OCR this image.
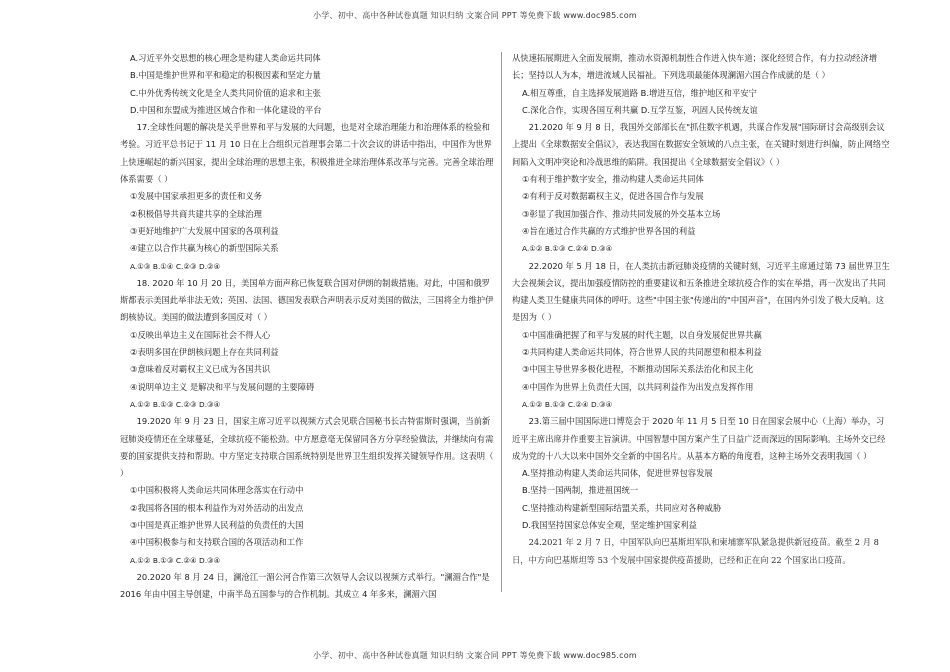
小学、初中、高中各种试卷真题 知识归纳 文案合同 PPT 等免费下载 www.doc985.com

A.习近平外交思想的核心理念是构建人类命运共同体

B.中国是维护世界和平和稳定的积极因素和坚定力量

C.中外优秀传统文化是全人类共同价值的追求和主张

D.中国和东盟成为推进区域合作和一体化建设的平台

17.全球性问题的解决是关乎世界和平与发展的大问题，也是对全球治理能力和治理体系的检验和考验。习近平总书记于 11 月 10 日在上合组织元首理事会第二十次会议的讲话中指出，中国作为世界上快速崛起的新兴国家，提出全球治理的思想主张，积极推进全球治理体系改革与完善。完善全球治理体系需要（ ）

①发展中国家承担更多的责任和义务

②积极倡导共商共建共享的全球治理

③更好地维护广大发展中国家的各项利益

④建立以合作共赢为核心的新型国际关系

A.①③ B.①④ C.②③ D.②④

18. 2020 年 10 月 20 日，美国单方面声称已恢复联合国对伊朗的制裁措施。对此，中国和俄罗斯都表示美国此举非法无效；英国、法国、德国发表联合声明表示反对美国的做法，三国将全力维护伊朗核协议。美国的做法遭到多国反对（ ）

①反映出单边主义在国际社会不得人心

②表明多国在伊朗核问题上存在共同利益

③意味着反对霸权主义已成为各国共识

④说明单边主义 是解决和平与发展问题的主要障碍

A.①② B.①③ C.②③ D.③④

19.2020 年 9 月 23 日，国家主席习近平以视频方式会见联合国秘书长古特雷斯时强调，当前新冠肺炎疫情还在全球蔓延，全球抗疫不能松劲。中方愿意毫无保留同各方分享经验做法，并继续向有需要的国家提供支持和帮助。中方坚定支持联合国系统特别是世界卫生组织发挥关键领导作用。这表明（ ）

①中国积极将人类命运共同体理念落实在行动中

②我国将各国的根本利益作为对外活动的出发点

③中国是真正维护世界人民利益的负责任的大国

④中国积极参与和支持联合国的各项活动和工作

A.①② B.①③ C.②④ D.③④

20.2020 年 8 月 24 日，澜沧江一湄公河合作第三次领导人会议以视频方式举行。"澜湄合作"是 2016 年由中国主导创建，中南半岛五国参与的合作机制。其成立 4 年多来，澜湄六国

从快速拓展期进入全面发展期，推动水资源机制性合作进入快车道；深化经贸合作，有力拉动经济增长；坚持以人为本，增进流域人民福祉。下列选项最能体现澜湄六国合作成就的是（ ）

A.相互尊重，自主选择发展道路 B.增进互信，维护地区和平安宁

C.深化合作，实现各国互利共赢 D.互学互鉴，巩固人民传统友谊

21.2020 年 9 月 8 日，我国外交部部长在"抓住数字机遇，共谋合作发展"国际研讨会高级别会议上提出《全球数据安全倡议》，表达我国在数据安全领域的八点主张，在关键时刻进行纠偏，防止网络空间陷入文明冲突论和冷战思维的陷阱。我国提出《全球数据安全倡议》（ ）

①有利于维护数字安全，推动构建人类命运共同体

②有利于反对数据霸权主义，促进各国合作与发展

③彰显了我国加强合作、推动共同发展的外交基本立场

④旨在通过合作共赢的方式维护世界各国的利益

A.①② B.①③ C.②④ D.③④

22.2020 年 5 月 18 日，在人类抗击新冠肺炎疫情的关键时刻，习近平主席通过第 73 届世界卫生大会视频会议，提出加强疫情防控的重要建议和五条推进全球抗疫合作的实在举措，再一次发出了共同构建人类卫生健康共同体的呼吁。这些"中国主张"传递出的"中国声音"，在国内外引发了极大反响。这是因为（ ）

①中国准确把握了和平与发展的时代主题，以自身发展促世界共赢

②共同构建人类命运共同体，符合世界人民的共同愿望和根本利益

③中国主导世界多极化进程，不断推动国际关系法治化和民主化

④中国作为世界上负责任大国，以共同利益作为出发点发挥作用

A.①② B.①③ C.②④ D.③④

23.第三届中国国际进口博览会于 2020 年 11 月 5 日至 10 日在国家会展中心（上海）举办，习近平主席出席并作重要主旨演讲。中国智慧中国方案产生了日益广泛而深远的国际影响。主场外交已经成为党的十八大以来中国外交全新的中国名片。从基本方略的角度看，这种主场外交表明我国（ ）

A.坚持推动构建人类命运共同体，促进世界包容发展

B.坚持一国两制，推进祖国统一

C.坚持推动构建新型国际结盟关系，共同应对各种威胁

D.我国坚持国家总体安全观，坚定维护国家利益

24.2021 年 2 月 7 日，中国军队向巴基斯坦军队和柬埔寨军队紧急提供新冠疫苗。截至 2 月 8 日，中方向巴基斯坦等 53 个发展中国家提供疫苗援助，已经和正在向 22 个国家出口疫苗。

小学、初中、高中各种试卷真题 知识归纳 文案合同 PPT 等免费下载 www.doc985.com
